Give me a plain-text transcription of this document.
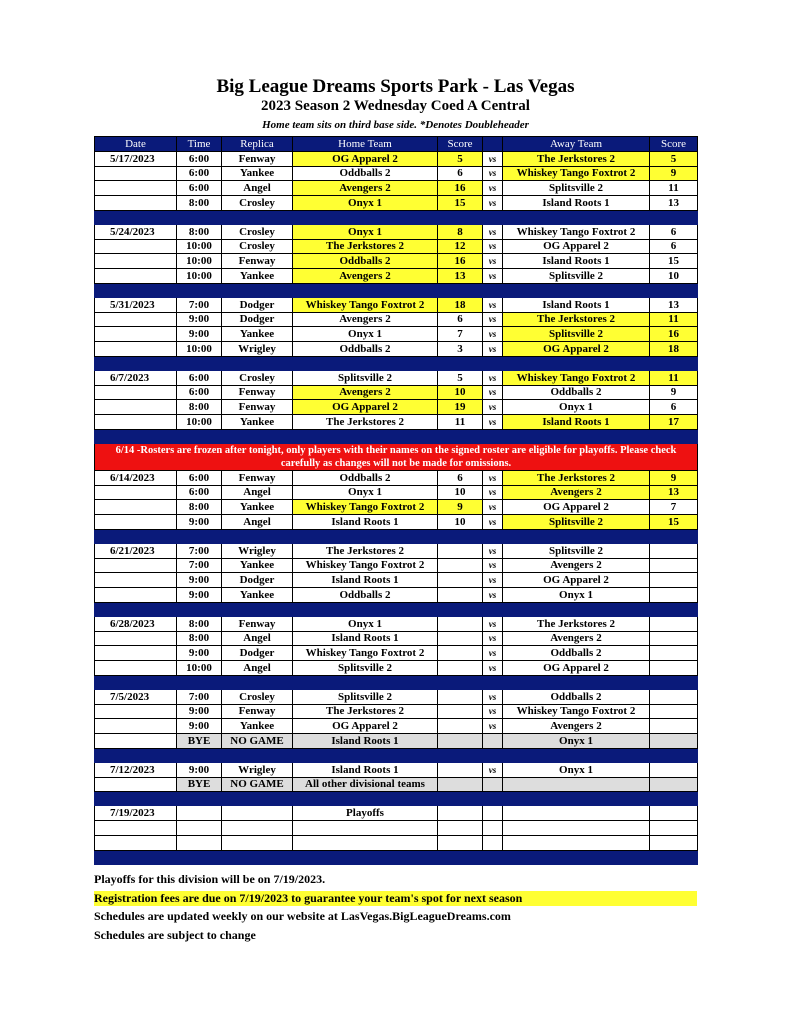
Big League Dreams Sports Park - Las Vegas
2023 Season 2 Wednesday Coed A Central
Home team sits on third base side. *Denotes Doubleheader
Date	Time	Replica	Home Team	Score		Away Team	Score
5/17/2023	6:00	Fenway	OG Apparel 2	5	vs	The Jerkstores 2	5
	6:00	Yankee	Oddballs 2	6	vs	Whiskey Tango Foxtrot 2	9
	6:00	Angel	Avengers 2	16	vs	Splitsville 2	11
	8:00	Crosley	Onyx 1	15	vs	Island Roots 1	13

5/24/2023	8:00	Crosley	Onyx 1	8	vs	Whiskey Tango Foxtrot 2	6
	10:00	Crosley	The Jerkstores 2	12	vs	OG Apparel 2	6
	10:00	Fenway	Oddballs 2	16	vs	Island Roots 1	15
	10:00	Yankee	Avengers 2	13	vs	Splitsville 2	10

5/31/2023	7:00	Dodger	Whiskey Tango Foxtrot 2	18	vs	Island Roots 1	13
	9:00	Dodger	Avengers 2	6	vs	The Jerkstores 2	11
	9:00	Yankee	Onyx 1	7	vs	Splitsville 2	16
	10:00	Wrigley	Oddballs 2	3	vs	OG Apparel 2	18

6/7/2023	6:00	Crosley	Splitsville 2	5	vs	Whiskey Tango Foxtrot 2	11
	6:00	Fenway	Avengers 2	10	vs	Oddballs 2	9
	8:00	Fenway	OG Apparel 2	19	vs	Onyx 1	6
	10:00	Yankee	The Jerkstores 2	11	vs	Island Roots 1	17

6/14 -Rosters are frozen after tonight, only players with their names on the signed roster are eligible for playoffs. Please check carefully as changes will not be made for omissions.							
6/14/2023	6:00	Fenway	Oddballs 2	6	vs	The Jerkstores 2	9
	6:00	Angel	Onyx 1	10	vs	Avengers 2	13
	8:00	Yankee	Whiskey Tango Foxtrot 2	9	vs	OG Apparel 2	7
	9:00	Angel	Island Roots 1	10	vs	Splitsville 2	15

6/21/2023	7:00	Wrigley	The Jerkstores 2		vs	Splitsville 2	
	7:00	Yankee	Whiskey Tango Foxtrot 2		vs	Avengers 2	
	9:00	Dodger	Island Roots 1		vs	OG Apparel 2	
	9:00	Yankee	Oddballs 2		vs	Onyx 1	

6/28/2023	8:00	Fenway	Onyx 1		vs	The Jerkstores 2	
	8:00	Angel	Island Roots 1		vs	Avengers 2	
	9:00	Dodger	Whiskey Tango Foxtrot 2		vs	Oddballs 2	
	10:00	Angel	Splitsville 2		vs	OG Apparel 2	

7/5/2023	7:00	Crosley	Splitsville 2		vs	Oddballs 2	
	9:00	Fenway	The Jerkstores 2		vs	Whiskey Tango Foxtrot 2	
	9:00	Yankee	OG Apparel 2		vs	Avengers 2	
	BYE	NO GAME	Island Roots 1			Onyx 1	

7/12/2023	9:00	Wrigley	Island Roots 1		vs	Onyx 1	
	BYE	NO GAME	All other divisional teams				

7/19/2023			Playoffs				

Playoffs for this division will be on 7/19/2023.
Registration fees are due on 7/19/2023 to guarantee your team's spot for next season
Schedules are updated weekly on our website at LasVegas.BigLeagueDreams.com
Schedules are subject to change
